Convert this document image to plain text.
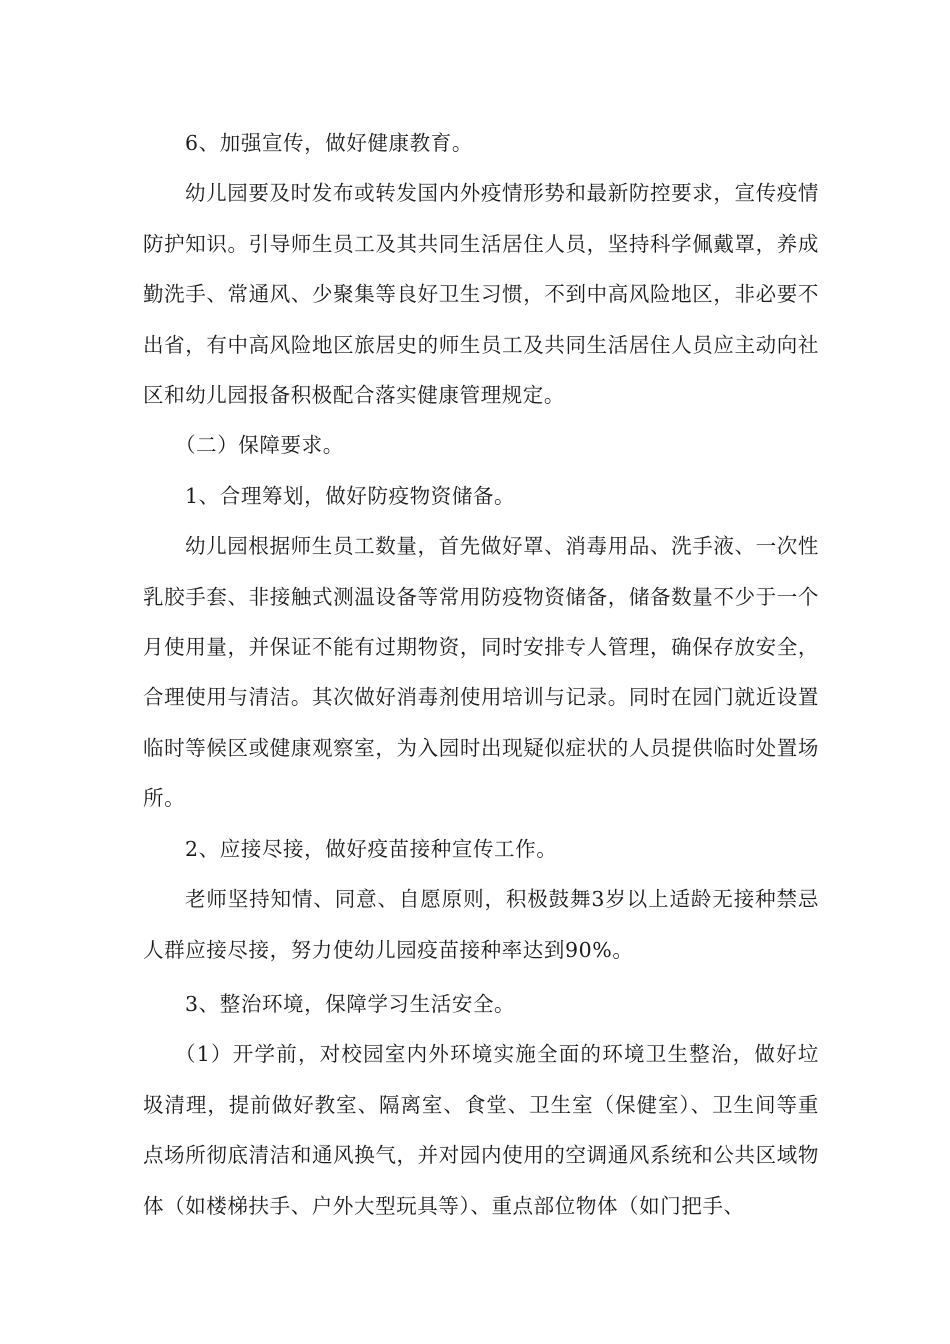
6、加强宣传，做好健康教育。

幼儿园要及时发布或转发国内外疫情形势和最新防控要求，宣传疫情防护知识。引导师生员工及其共同生活居住人员，坚持科学佩戴罩，养成勤洗手、常通风、少聚集等良好卫生习惯，不到中高风险地区，非必要不出省，有中高风险地区旅居史的师生员工及共同生活居住人员应主动向社区和幼儿园报备积极配合落实健康管理规定。

（二）保障要求。

1、合理筹划，做好防疫物资储备。

幼儿园根据师生员工数量，首先做好罩、消毒用品、洗手液、一次性乳胶手套、非接触式测温设备等常用防疫物资储备，储备数量不少于一个月使用量，并保证不能有过期物资，同时安排专人管理，确保存放安全，合理使用与清洁。其次做好消毒剂使用培训与记录。同时在园门就近设置临时等候区或健康观察室，为入园时出现疑似症状的人员提供临时处置场所。

2、应接尽接，做好疫苗接种宣传工作。

老师坚持知情、同意、自愿原则，积极鼓舞3岁以上适龄无接种禁忌人群应接尽接，努力使幼儿园疫苗接种率达到90%。

3、整治环境，保障学习生活安全。

（1）开学前，对校园室内外环境实施全面的环境卫生整治，做好垃圾清理，提前做好教室、隔离室、食堂、卫生室（保健室）、卫生间等重点场所彻底清洁和通风换气，并对园内使用的空调通风系统和公共区域物体（如楼梯扶手、户外大型玩具等）、重点部位物体（如门把手、
